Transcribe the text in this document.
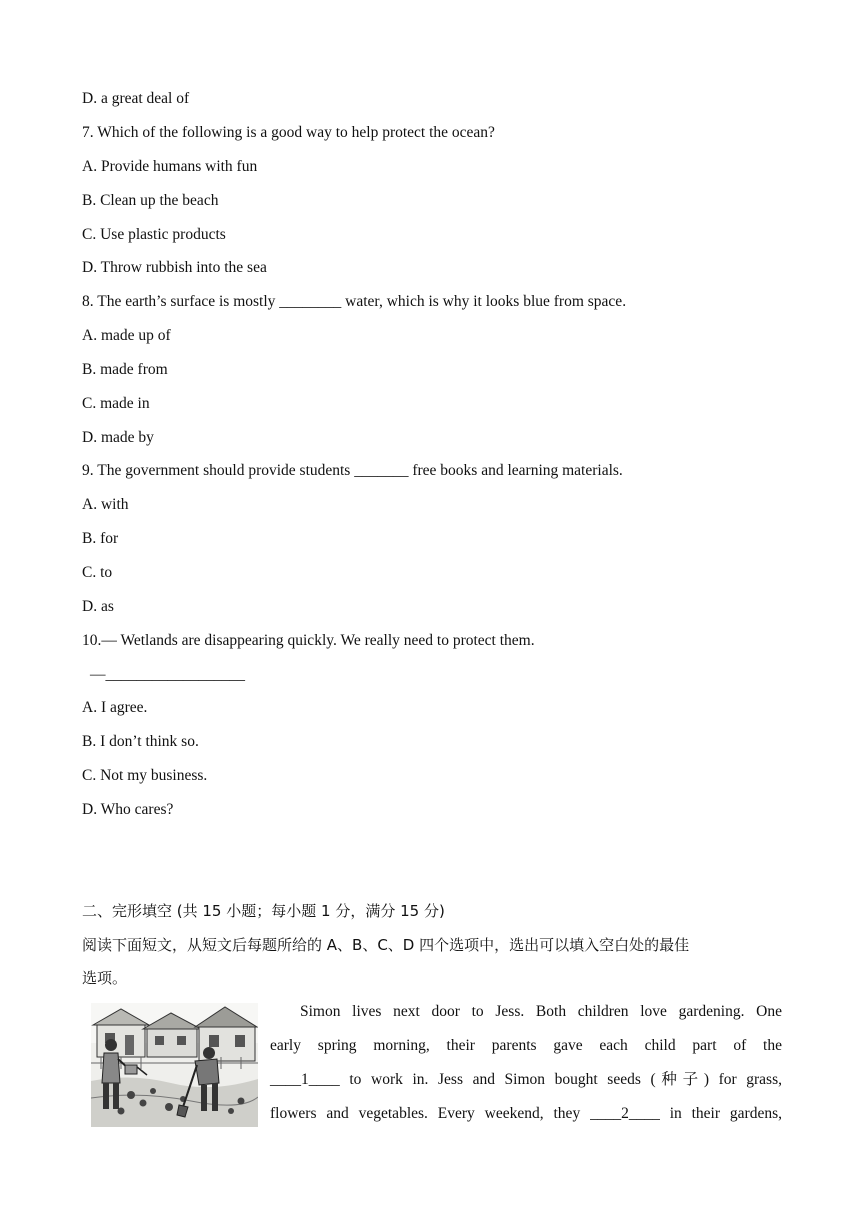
D. a great deal of
7. Which of the following is a good way to help protect the ocean?
A. Provide humans with fun
B. Clean up the beach
C. Use plastic products
D. Throw rubbish into the sea
8. The earth’s surface is mostly ________ water, which is why it looks blue from space.
A. made up of
B. made from
C. made in
D. made by
9. The government should provide students _______ free books and learning materials.
A. with
B. for
C. to
D. as
10.— Wetlands are disappearing quickly. We really need to protect them.
—__________________
A. I agree.
B. I don’t think so.
C. Not my business.
D. Who cares?
二、完形填空 (共 15 小题；每小题 1 分，满分 15 分)
阅读下面短文，从短文后每题所给的 A、B、C、D 四个选项中，选出可以填入空白处的最佳
选项。
Simon lives next door to Jess. Both children love gardening. One
early spring morning, their parents gave each child part of the
____1____ to work in. Jess and Simon bought seeds (种子) for grass,
flowers and vegetables. Every weekend, they ____2____ in their gardens,
